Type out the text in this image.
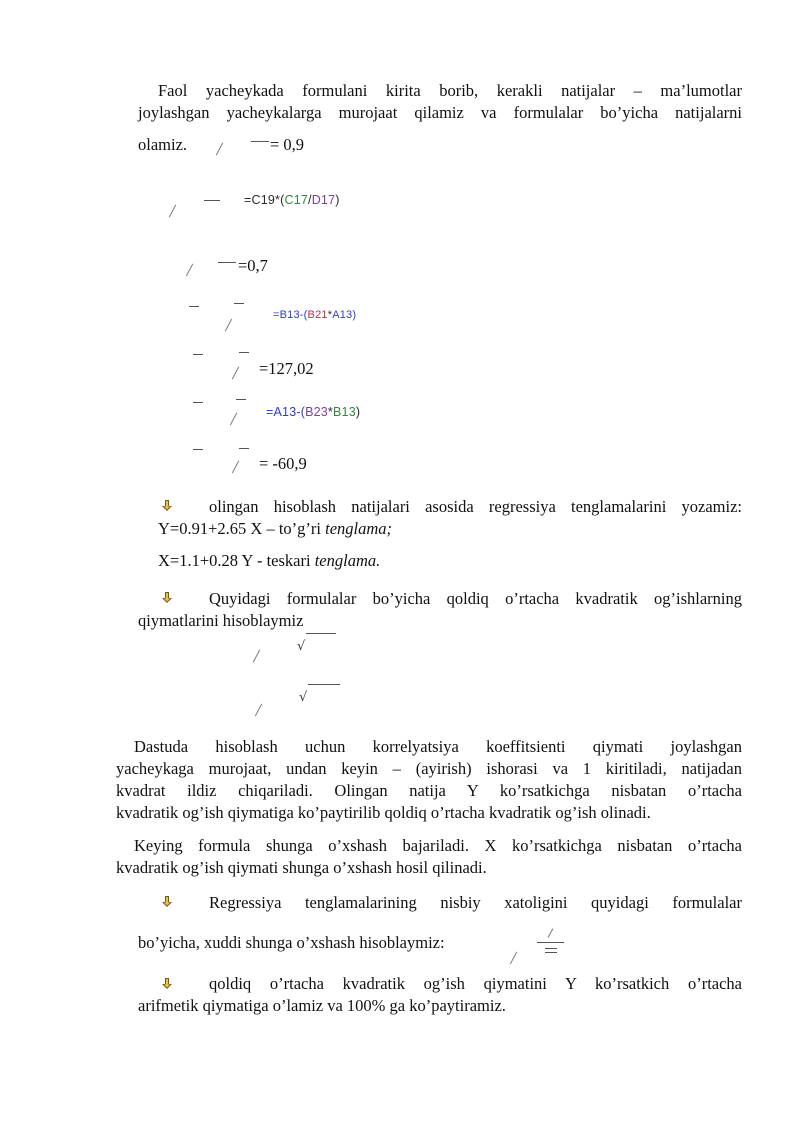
Faol yacheykada formulani kirita borib, kerakli natijalar – ma’lumotlar
joylashgan yacheykalarga murojaat qilamiz va formulalar bo’yicha natijalarni
olamiz.	= 0,9
=C19*(C17/D17)
=0,7
=B13-(B21*A13)
=127,02
=A13-(B23*B13)
= -60,9
olingan hisoblash natijalari asosida regressiya tenglamalarini yozamiz:
Y=0.91+2.65 X – to’g’ri tenglama;
X=1.1+0.28 Y - teskari tenglama.
Quyidagi formulalar bo’yicha qoldiq o’rtacha kvadratik og’ishlarning
qiymatlarini hisoblaymiz
√
√
Dastuda hisoblash uchun korrelyatsiya koeffitsienti qiymati joylashgan
yacheykaga murojaat, undan keyin – (ayirish) ishorasi va 1 kiritiladi, natijadan
kvadrat ildiz chiqariladi. Olingan natija Y ko’rsatkichga nisbatan o’rtacha
kvadratik og’ish qiymatiga ko’paytirilib qoldiq o’rtacha kvadratik og’ish olinadi.
Keying formula shunga o’xshash bajariladi. X ko’rsatkichga nisbatan o’rtacha
kvadratik og’ish qiymati shunga o’xshash hosil qilinadi.
Regressiya tenglamalarining nisbiy xatoligini quyidagi formulalar
bo’yicha, xuddi shunga o’xshash hisoblaymiz:
qoldiq o’rtacha kvadratik og’ish qiymatini Y ko’rsatkich o’rtacha
arifmetik qiymatiga o’lamiz va 100% ga ko’paytiramiz.
